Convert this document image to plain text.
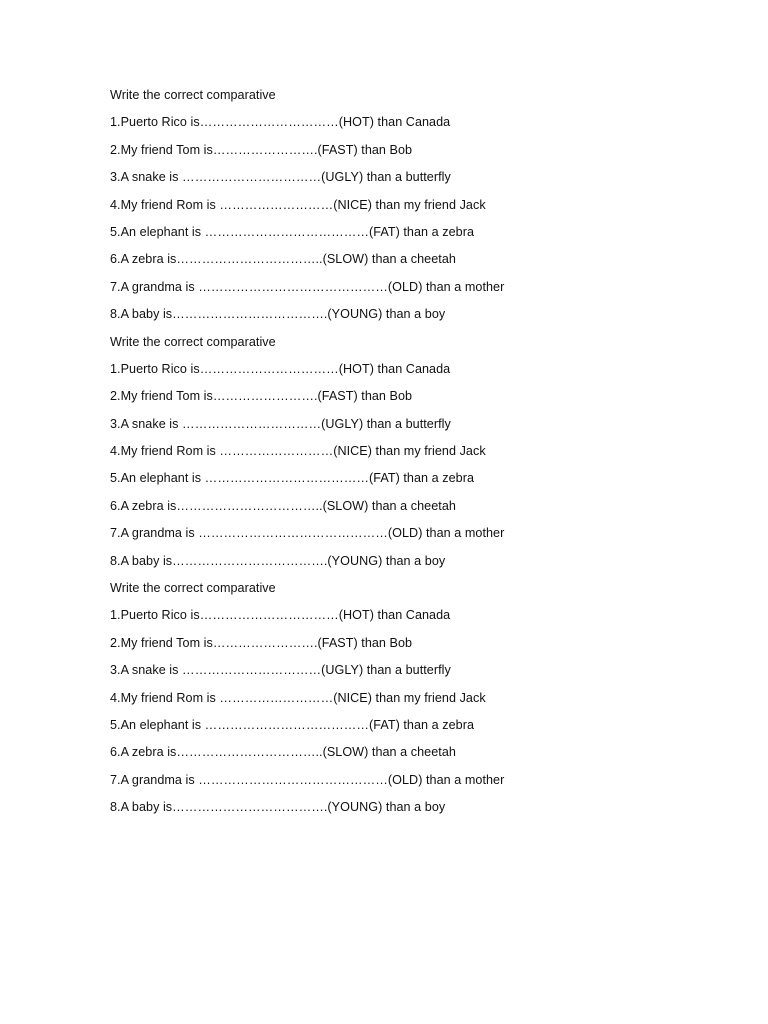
Write the correct comparative
1.Puerto Rico is……………………………(HOT) than Canada
2.My friend Tom is…………………….(FAST) than Bob
3.A snake is ……………………………(UGLY) than a butterfly
4.My friend Rom is ………………………(NICE) than my friend Jack
5.An elephant is …………………………………(FAT) than a zebra
6.A zebra is……………………………..(SLOW) than a cheetah
7.A grandma is ………………………………………(OLD) than a mother
8.A baby is……………………………….(YOUNG) than a boy
Write the correct comparative
1.Puerto Rico is……………………………(HOT) than Canada
2.My friend Tom is…………………….(FAST) than Bob
3.A snake is ……………………………(UGLY) than a butterfly
4.My friend Rom is ………………………(NICE) than my friend Jack
5.An elephant is …………………………………(FAT) than a zebra
6.A zebra is……………………………..(SLOW) than a cheetah
7.A grandma is ………………………………………(OLD) than a mother
8.A baby is……………………………….(YOUNG) than a boy
Write the correct comparative
1.Puerto Rico is……………………………(HOT) than Canada
2.My friend Tom is…………………….(FAST) than Bob
3.A snake is ……………………………(UGLY) than a butterfly
4.My friend Rom is ………………………(NICE) than my friend Jack
5.An elephant is …………………………………(FAT) than a zebra
6.A zebra is……………………………..(SLOW) than a cheetah
7.A grandma is ………………………………………(OLD) than a mother
8.A baby is……………………………….(YOUNG) than a boy
